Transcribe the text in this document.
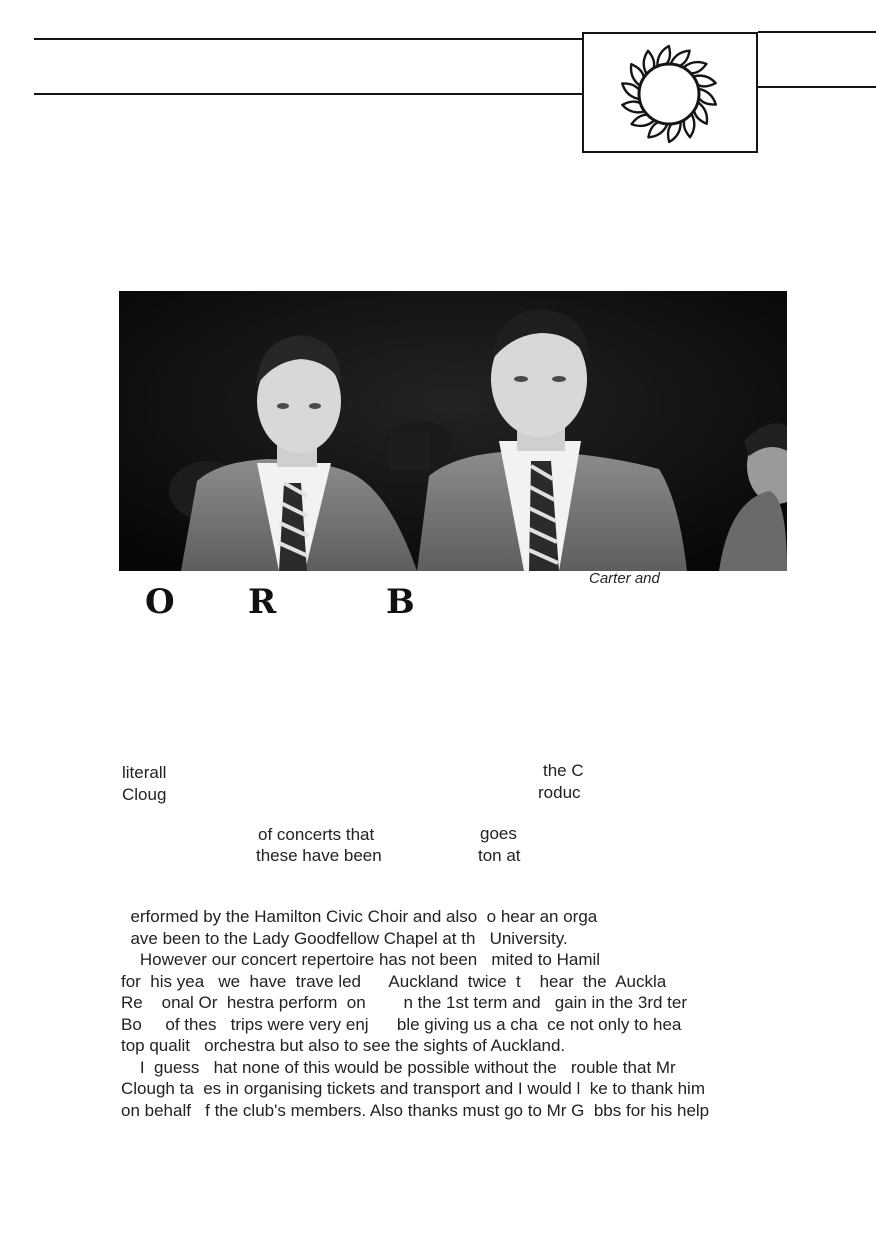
Carter and
O R	B
literall
Cloug
the C
roduc
of concerts that
these have been
goes
ton at
erformed by the Hamilton Civic Choir and also  o hear an orga
ave been to the Lady Goodfellow Chapel at th   University.
However our concert repertoire has not been   mited to Hamil
for  his yea   we  have  trave led      Auckland  twice  t    hear  the  Auckla
Re    onal Or  hestra perform  on        n the 1st term and   gain in the 3rd ter
Bo     of thes   trips were very enj      ble giving us a cha  ce not only to hea
top qualit   orchestra but also to see the sights of Auckland.
I  guess   hat none of this would be possible without the   rouble that Mr
Clough ta  es in organising tickets and transport and I would l  ke to thank him
on behalf   f the club's members. Also thanks must go to Mr G  bbs for his help
